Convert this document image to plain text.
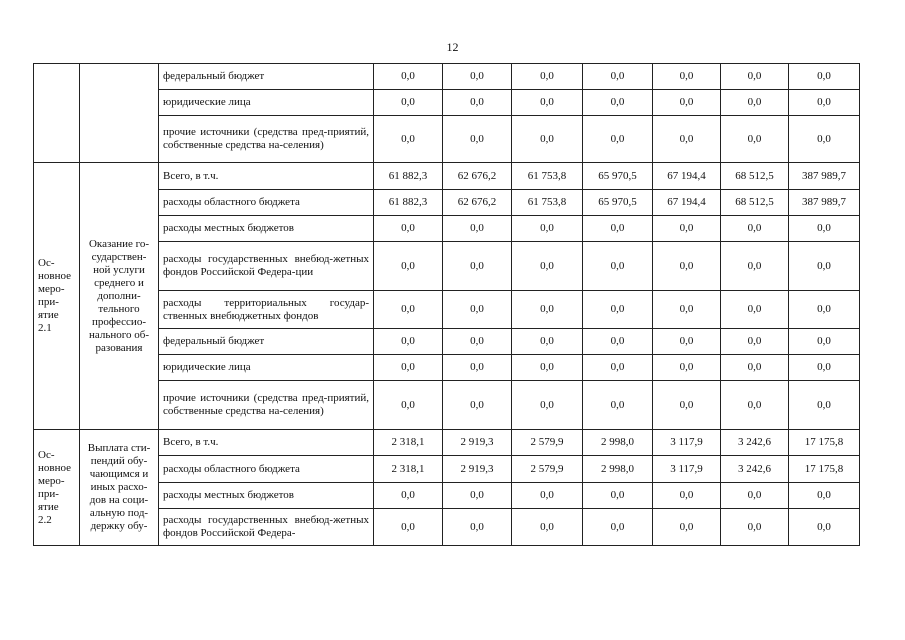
12
		федеральный бюджет	0,0	0,0	0,0	0,0	0,0	0,0	0,0
		юридические лица	0,0	0,0	0,0	0,0	0,0	0,0	0,0
		прочие источники (средства пред-приятий, собственные средства на-селения)	0,0	0,0	0,0	0,0	0,0	0,0	0,0
Ос-новное меро-при-ятие 2.1	Оказание го-сударствен-ной услуги среднего и дополни-тельного профессио-нального об-разования	Всего, в т.ч.	61 882,3	62 676,2	61 753,8	65 970,5	67 194,4	68 512,5	387 989,7
		расходы областного бюджета	61 882,3	62 676,2	61 753,8	65 970,5	67 194,4	68 512,5	387 989,7
		расходы местных бюджетов	0,0	0,0	0,0	0,0	0,0	0,0	0,0
		расходы государственных внебюд-жетных фондов Российской Федера-ции	0,0	0,0	0,0	0,0	0,0	0,0	0,0
		расходы территориальных государ-ственных внебюджетных фондов	0,0	0,0	0,0	0,0	0,0	0,0	0,0
		федеральный бюджет	0,0	0,0	0,0	0,0	0,0	0,0	0,0
		юридические лица	0,0	0,0	0,0	0,0	0,0	0,0	0,0
		прочие источники (средства пред-приятий, собственные средства на-селения)	0,0	0,0	0,0	0,0	0,0	0,0	0,0
Ос-новное меро-при-ятие 2.2	Выплата сти-пендий обу-чающимся и иных расхо-дов на соци-альную под-держку обу-	Всего, в т.ч.	2 318,1	2 919,3	2 579,9	2 998,0	3 117,9	3 242,6	17 175,8
		расходы областного бюджета	2 318,1	2 919,3	2 579,9	2 998,0	3 117,9	3 242,6	17 175,8
		расходы местных бюджетов	0,0	0,0	0,0	0,0	0,0	0,0	0,0
		расходы государственных внебюд-жетных фондов Российской Федера-	0,0	0,0	0,0	0,0	0,0	0,0	0,0
